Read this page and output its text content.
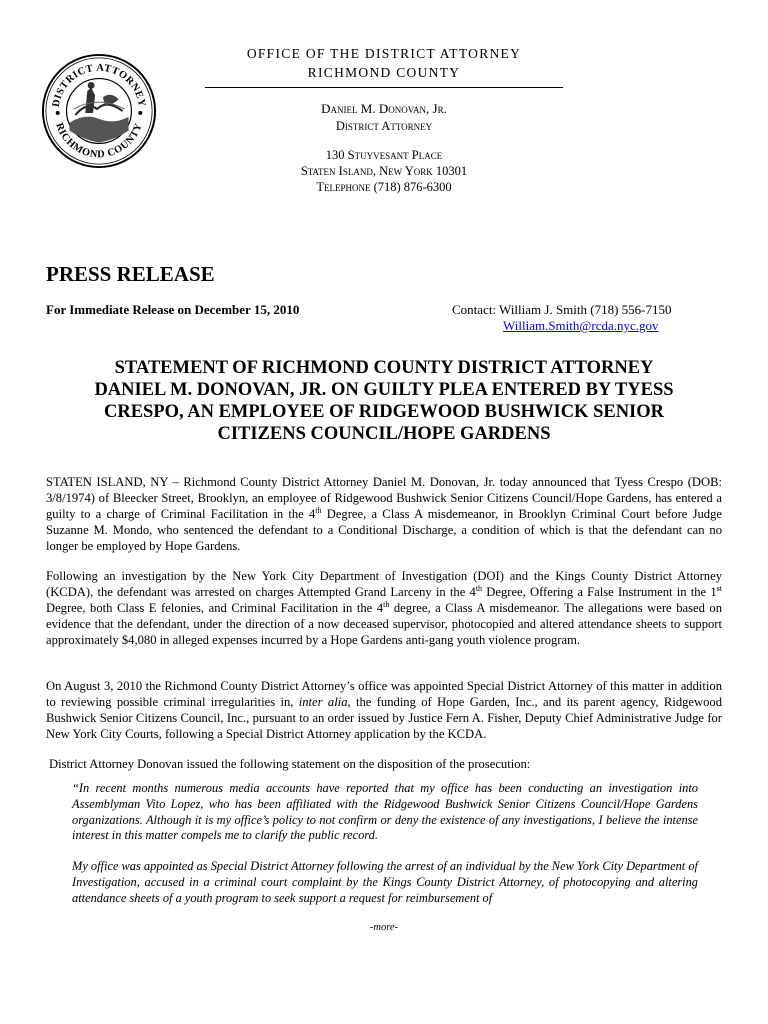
DISTRICT ATTORNEY
RICHMOND COUNTY
OFFICE OF THE DISTRICT ATTORNEY
RICHMOND COUNTY
Daniel M. Donovan, Jr.
District Attorney
130 Stuyvesant Place
Staten Island, New York 10301
Telephone (718) 876-6300
PRESS RELEASE
For Immediate Release on December 15, 2010	Contact: William J. Smith (718) 556-7150
William.Smith@rcda.nyc.gov
STATEMENT OF RICHMOND COUNTY DISTRICT ATTORNEY
DANIEL M. DONOVAN, JR. ON GUILTY PLEA ENTERED BY TYESS
CRESPO, AN EMPLOYEE OF RIDGEWOOD BUSHWICK SENIOR
CITIZENS COUNCIL/HOPE GARDENS
STATEN ISLAND, NY – Richmond County District Attorney Daniel M. Donovan, Jr. today announced that Tyess Crespo (DOB: 3/8/1974) of Bleecker Street, Brooklyn, an employee of Ridgewood Bushwick Senior Citizens Council/Hope Gardens, has entered a guilty to a charge of Criminal Facilitation in the 4th Degree, a Class A misdemeanor, in Brooklyn Criminal Court before Judge Suzanne M. Mondo, who sentenced the defendant to a Conditional Discharge, a condition of which is that the defendant can no longer be employed by Hope Gardens.
Following an investigation by the New York City Department of Investigation (DOI) and the Kings County District Attorney (KCDA), the defendant was arrested on charges Attempted Grand Larceny in the 4th Degree, Offering a False Instrument in the 1st Degree, both Class E felonies, and Criminal Facilitation in the 4th degree, a Class A misdemeanor. The allegations were based on evidence that the defendant, under the direction of a now deceased supervisor, photocopied and altered attendance sheets to support approximately $4,080 in alleged expenses incurred by a Hope Gardens anti-gang youth violence program.
On August 3, 2010 the Richmond County District Attorney’s office was appointed Special District Attorney of this matter in addition to reviewing possible criminal irregularities in, inter alia, the funding of Hope Garden, Inc., and its parent agency, Ridgewood Bushwick Senior Citizens Council, Inc., pursuant to an order issued by Justice Fern A. Fisher, Deputy Chief Administrative Judge for New York City Courts, following a Special District Attorney application by the KCDA.
District Attorney Donovan issued the following statement on the disposition of the prosecution:
“In recent months numerous media accounts have reported that my office has been conducting an investigation into Assemblyman Vito Lopez, who has been affiliated with the Ridgewood Bushwick Senior Citizens Council/Hope Gardens organizations. Although it is my office’s policy to not confirm or deny the existence of any investigations, I believe the intense interest in this matter compels me to clarify the public record.
My office was appointed as Special District Attorney following the arrest of an individual by the New York City Department of Investigation, accused in a criminal court complaint by the Kings County District Attorney, of photocopying and altering attendance sheets of a youth program to seek support a request for reimbursement of
-more-
